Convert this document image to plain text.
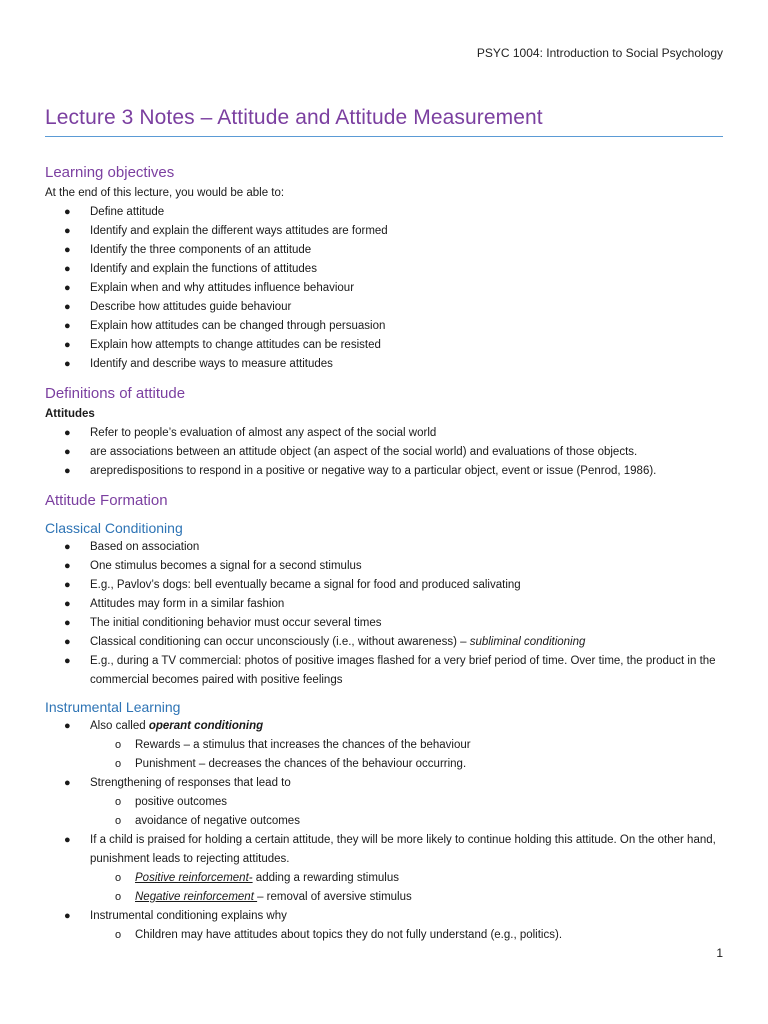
PSYC 1004: Introduction to Social Psychology
Lecture 3 Notes – Attitude and Attitude Measurement
Learning objectives

At the end of this lecture, you would be able to:

● Define attitude
● Identify and explain the different ways attitudes are formed
● Identify the three components of an attitude
● Identify and explain the functions of attitudes
● Explain when and why attitudes influence behaviour
● Describe how attitudes guide behaviour
● Explain how attitudes can be changed through persuasion
● Explain how attempts to change attitudes can be resisted
● Identify and describe ways to measure attitudes
Definitions of attitude

Attitudes

● Refer to people’s evaluation of almost any aspect of the social world
● are associations between an attitude object (an aspect of the social world) and evaluations of those objects.
● arepredispositions to respond in a positive or negative way to a particular object, event or issue (Penrod, 1986).
Attitude Formation
Classical Conditioning
● Based on association
● One stimulus becomes a signal for a second stimulus
● E.g., Pavlov’s dogs: bell eventually became a signal for food and produced salivating
● Attitudes may form in a similar fashion
● The initial conditioning behavior must occur several times
● Classical conditioning can occur unconsciously (i.e., without awareness) – subliminal conditioning
● E.g., during a TV commercial: photos of positive images flashed for a very brief period of time. Over time, the product in the commercial becomes paired with positive feelings
Instrumental Learning
● Also called operant conditioning
o Rewards – a stimulus that increases the chances of the behaviour
o Punishment – decreases the chances of the behaviour occurring.
● Strengthening of responses that lead to
o positive outcomes
o avoidance of negative outcomes
● If a child is praised for holding a certain attitude, they will be more likely to continue holding this attitude. On the other hand, punishment leads to rejecting attitudes.
o Positive reinforcement- adding a rewarding stimulus
o Negative reinforcement – removal of aversive stimulus
● Instrumental conditioning explains why
o Children may have attitudes about topics they do not fully understand (e.g., politics).
1
